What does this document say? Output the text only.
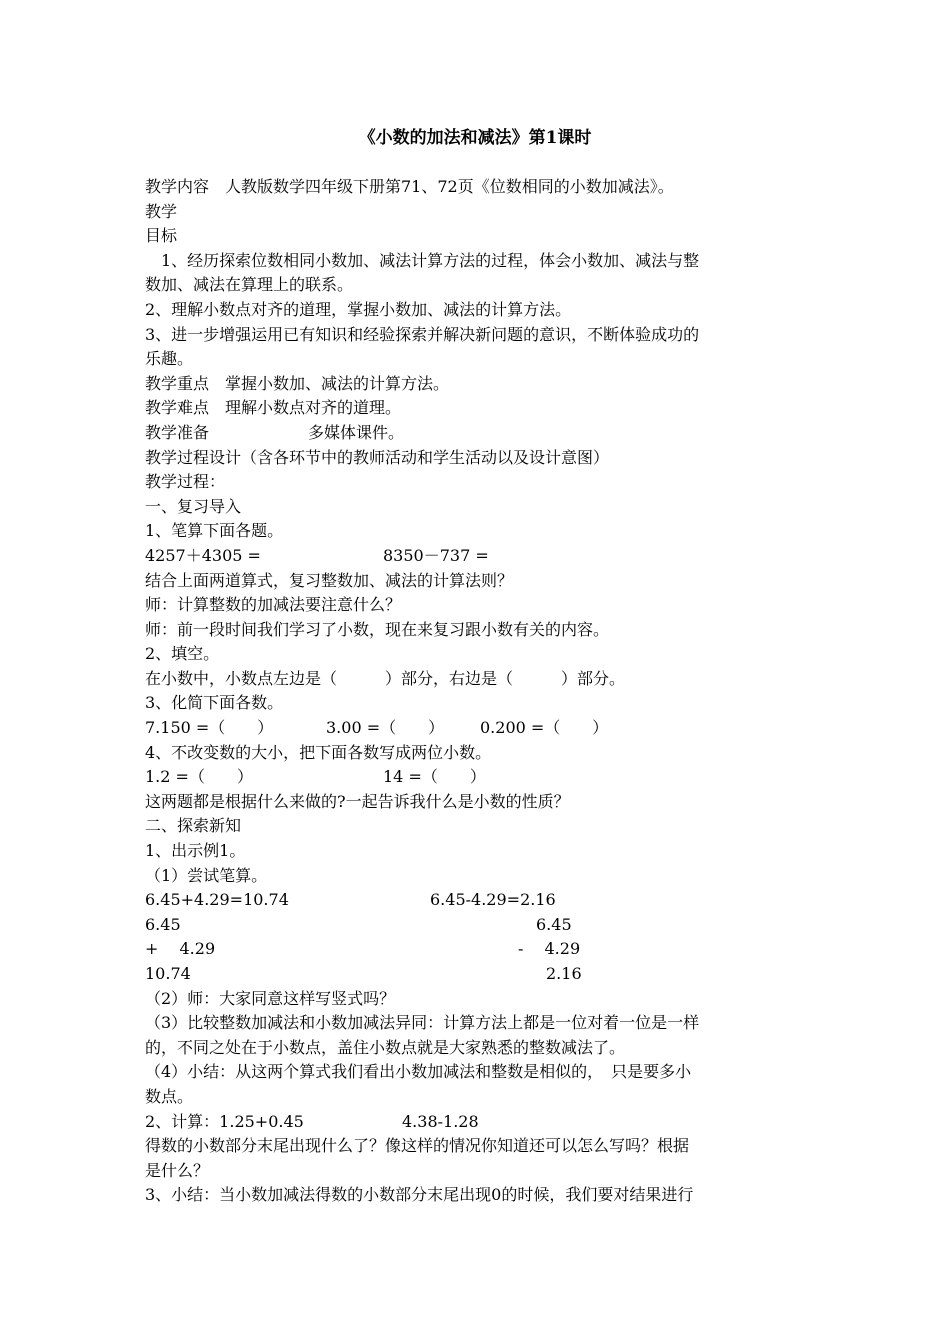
《小数的加法和减法》第1课时
教学内容　人教版数学四年级下册第71、72页《位数相同的小数加减法》。
教学
目标
　1、经历探索位数相同小数加、减法计算方法的过程，体会小数加、减法与整
数加、减法在算理上的联系。
2、理解小数点对齐的道理，掌握小数加、减法的计算方法。
3、进一步增强运用已有知识和经验探索并解决新问题的意识，不断体验成功的
乐趣。
教学重点　掌握小数加、减法的计算方法。
教学难点　理解小数点对齐的道理。
教学准备	多媒体课件。
教学过程设计（含各环节中的教师活动和学生活动以及设计意图）
教学过程：
一、复习导入
1、笔算下面各题。
4257＋4305 =	8350－737 =
结合上面两道算式，复习整数加、减法的计算法则？
师：计算整数的加减法要注意什么？
师：前一段时间我们学习了小数，现在来复习跟小数有关的内容。
2、填空。
在小数中，小数点左边是（　　　）部分，右边是（　　　）部分。
3、化简下面各数。
7.150 =（　　）	3.00 =（　　） 0.200 =（　　）
4、不改变数的大小，把下面各数写成两位小数。
1.2 =（　　）	14 =（　　）
这两题都是根据什么来做的?一起告诉我什么是小数的性质？
二、探索新知
1、出示例1。
（1）尝试笔算。
6.45+4.29=10.74	6.45-4.29=2.16
6.45	6.45
+　 4.29	-　 4.29
10.74	2.16
（2）师：大家同意这样写竖式吗？
（3）比较整数加减法和小数加减法异同：计算方法上都是一位对着一位是一样
的，不同之处在于小数点，盖住小数点就是大家熟悉的整数减法了。
（4）小结：从这两个算式我们看出小数加减法和整数是相似的，　只是要多小
数点。
2、计算：1.25+0.45	4.38-1.28
得数的小数部分末尾出现什么了？像这样的情况你知道还可以怎么写吗？根据
是什么？
3、小结：当小数加减法得数的小数部分末尾出现0的时候，我们要对结果进行
